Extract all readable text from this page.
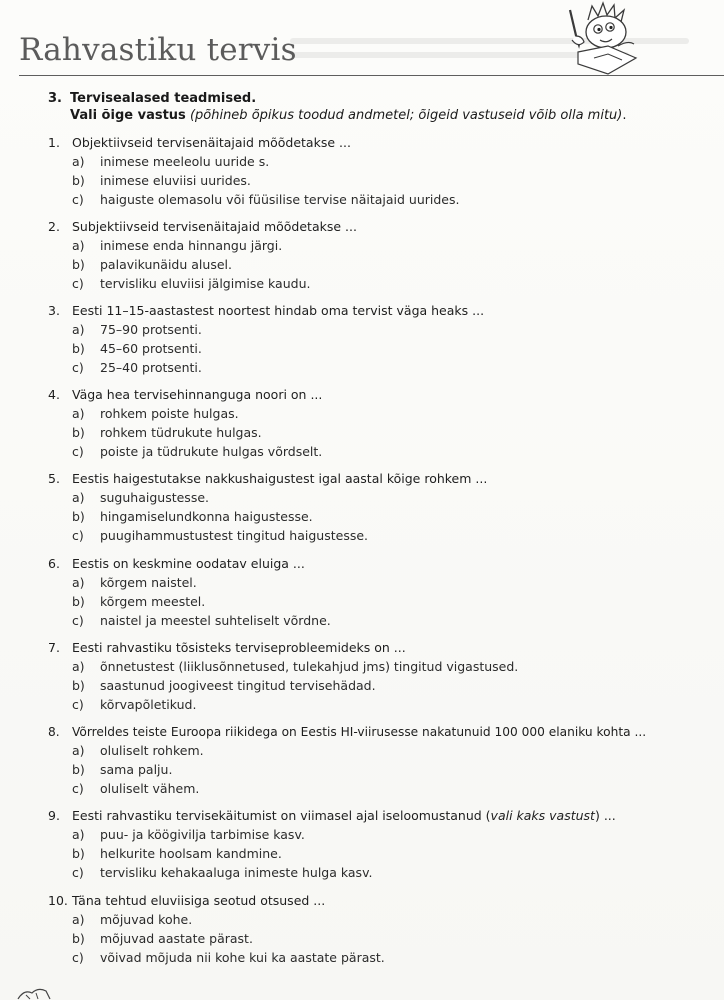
Rahvastiku tervis
3. Tervisealased teadmised.
Vali õige vastus (põhineb õpikus toodud andmetel; õigeid vastuseid võib olla mitu).
1. Objektiivseid tervisenäitajaid mõõdetakse ...
a) inimese meeleolu uuride s.
b) inimese eluviisi uurides.
c) haiguste olemasolu või füüsilise tervise näitajaid uurides.
2. Subjektiivseid tervisenäitajaid mõõdetakse ...
a) inimese enda hinnangu järgi.
b) palavikunäidu alusel.
c) tervisliku eluviisi jälgimise kaudu.
3. Eesti 11–15-aastastest noortest hindab oma tervist väga heaks ...
a) 75–90 protsenti.
b) 45–60 protsenti.
c) 25–40 protsenti.
4. Väga hea tervisehinnanguga noori on ...
a) rohkem poiste hulgas.
b) rohkem tüdrukute hulgas.
c) poiste ja tüdrukute hulgas võrdselt.
5. Eestis haigestutakse nakkushaigustest igal aastal kõige rohkem ...
a) suguhaigustesse.
b) hingamiselundkonna haigustesse.
c) puugihammustustest tingitud haigustesse.
6. Eestis on keskmine oodatav eluiga ...
a) kõrgem naistel.
b) kõrgem meestel.
c) naistel ja meestel suhteliselt võrdne.
7. Eesti rahvastiku tõsisteks terviseprobleemideks on ...
a) õnnetustest (liiklusõnnetused, tulekahjud jms) tingitud vigastused.
b) saastunud joogiveest tingitud tervisehädad.
c) kõrvapõletikud.
8. Võrreldes teiste Euroopa riikidega on Eestis HI-viirusesse nakatunuid 100 000 elaniku kohta ...
a) oluliselt rohkem.
b) sama palju.
c) oluliselt vähem.
9. Eesti rahvastiku tervisekäitumist on viimasel ajal iseloomustanud (vali kaks vastust) ...
a) puu- ja köögivilja tarbimise kasv.
b) helkurite hoolsam kandmine.
c) tervisliku kehakaaluga inimeste hulga kasv.
10. Täna tehtud eluviisiga seotud otsused ...
a) mõjuvad kohe.
b) mõjuvad aastate pärast.
c) võivad mõjuda nii kohe kui ka aastate pärast.
